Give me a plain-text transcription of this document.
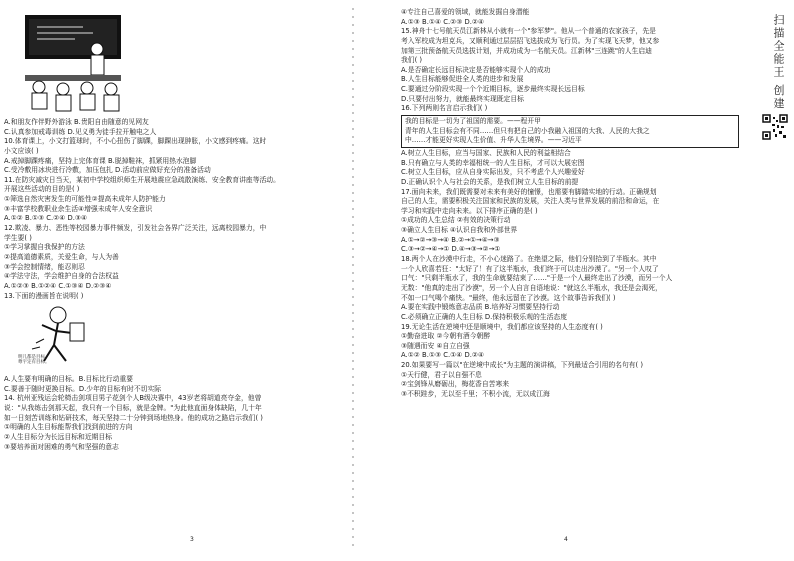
A.和朋友作伴野外游泳 B.贵阳自由随意的见网友
C.认真参加戒毒训练 D.见义勇为徒手拉开触电之人
10.体育课上，小文打篮球时，不小心扭伤了脚踝，脚踝出现肿胀，小文感到疼痛。这时
小文应该( )
A.戒掉脚踝疼痛，坚持上完体育课 B.脱掉鞋袜，抓紧用热水泡脚
C.受冷敷用冰块进行冷敷，加压包扎 D.活动前应做好充分的准备活动
11.在防灾减灾日当天，某初中学校组织师生开展地震应急疏散演练、安全教育讲座等活动。
开展这些活动的目的是( )
①筛选自然灾害发生的可能性②提高未成年人防护能力
③丰富学校教职业余生活④增强未成年人安全意识
A.①② B.①③ C.②④ D.③④
12.欺凌、暴力、恶性等校园暴力事件频发，引发社会各界广泛关注，远离校园暴力，中
学生要( )
①学习掌握自我保护的方法
②提高道德素质，关爱生命，与人为善
③学会控制情绪，能忍则忍
④学法守法，学会维护自身的合法权益
A.①②③ B.①②④ C.①③④ D.②③④
13.下面的漫画旨在说明( )
明儿都是目标，尊宇定有目标。
A.人生要有明确的目标。B.目标比行动重要
C.要善于随时更换目标。D.少年的目标有时不切实际
14. 杭州亚残运会轮椅击剑项目男子花剑个人B级决赛中，43岁老将胡道亮夺金，他曾
说："从我练击剑那天起，我只有一个目标，就是金牌。"为此他直面身体缺陷，几十年
如一日刻苦训练和钻研技术，每天坚持二十分钟到场地热身。他的成功之路启示我们( )
①明确的人生目标能帮我们找到前进的方向
②人生目标分为长远目标和近期目标
③要培养面对困难的勇气和坚强的意志
3
④专注自己喜爱的领域，就能发掘自身潜能
A.①③ B.①④ C.②③ D.②④
15.神舟十七号航天员江新林从小就有一个"参军梦"。他从一个普通的农家孩子，先是
考入军校成为坦克兵，又顺利通过层层招飞选拔成为飞行员。为了实现飞天梦，他又参
加第三批预备航天员选拔计划，并成功成为一名航天员。江新林"三连跳"的人生启迪
我们( )
A.是否确定长远目标决定是否能够实现个人的成功
B.人生目标能够促进全人类的进步和发展
C.要通过分阶段实现一个个近期目标，逐步最终实现长远目标
D.只要付出努力，就能最终实现既定目标
16.下列两则名言启示我们( )
我的目标是一切为了祖国的需要。——程开甲
青年的人生目标会有不同……但只有把自己的小我融入祖国的大我、人民的大我之
中……才能更好实现人生价值、升华人生境界。——习近平
A.树立人生目标，应当与国家、民族和人民的利益相结合
B.只有确立与人类的幸福相统一的人生目标，才可以大展宏图
C.树立人生目标，应从自身实际出发，只不考虑个人兴趣爱好
D.正确认识个人与社会的关系，是我们树立人生目标的前提
17.面向未来，我们既需要对未来有美好的憧憬，也需要有脚踏实地的行动。正确规划
自己的人生，需要积极关注国家和民族的发展，关注人类与世界发展的前沿和命运，在
学习和实践中走向未来。以下排序正确的是( )
①成功的人生总结 ②有效的决策行动
③确立人生目标 ④认识自我和外部世界
A.①→②→③→④ B.②→①→④→③
C.③→②→④→① D.④→③→②→①
18.两个人在沙漠中行走，不小心迷路了。在绝望之际，他们分别拾到了半瓶水。其中
一个人欣喜若狂："太好了！有了这半瓶水，我们终于可以走出沙漠了。"另一个人叹了
口气："只剩半瓶水了，我的生命就要结束了……"于是一个人最终走出了沙漠，而另一个人
无数："他真的走出了沙漠"，另一个人自言自语地说："就这么半瓶水，我还是会渴死，
不如一口气喝个痛快。"最终，他永远留在了沙漠。这个故事告诉我们( )
A.要在实践中锻炼意志品质 B.培养好习惯要坚持行动
C.必须确立正确的人生目标 D.保持积极乐观的生活态度
19.无论生活在逆境中还是顺境中，我们都应该坚持的人生态度有( )
①勤奋进取 ②今朝有酒今朝醉
③随遇而安 ④自立自强
A.①② B.①③ C.①④ D.②④
20.如果要写一篇以"在逆境中成长"为主题的演讲稿，下列最适合引用的名句有( )
①天行健，君子以自强不息
②宝剑锋从磨砺出，梅花香自苦寒来
③不积跬步，无以至千里；不积小流，无以成江海
4
扫描全能王 创建
